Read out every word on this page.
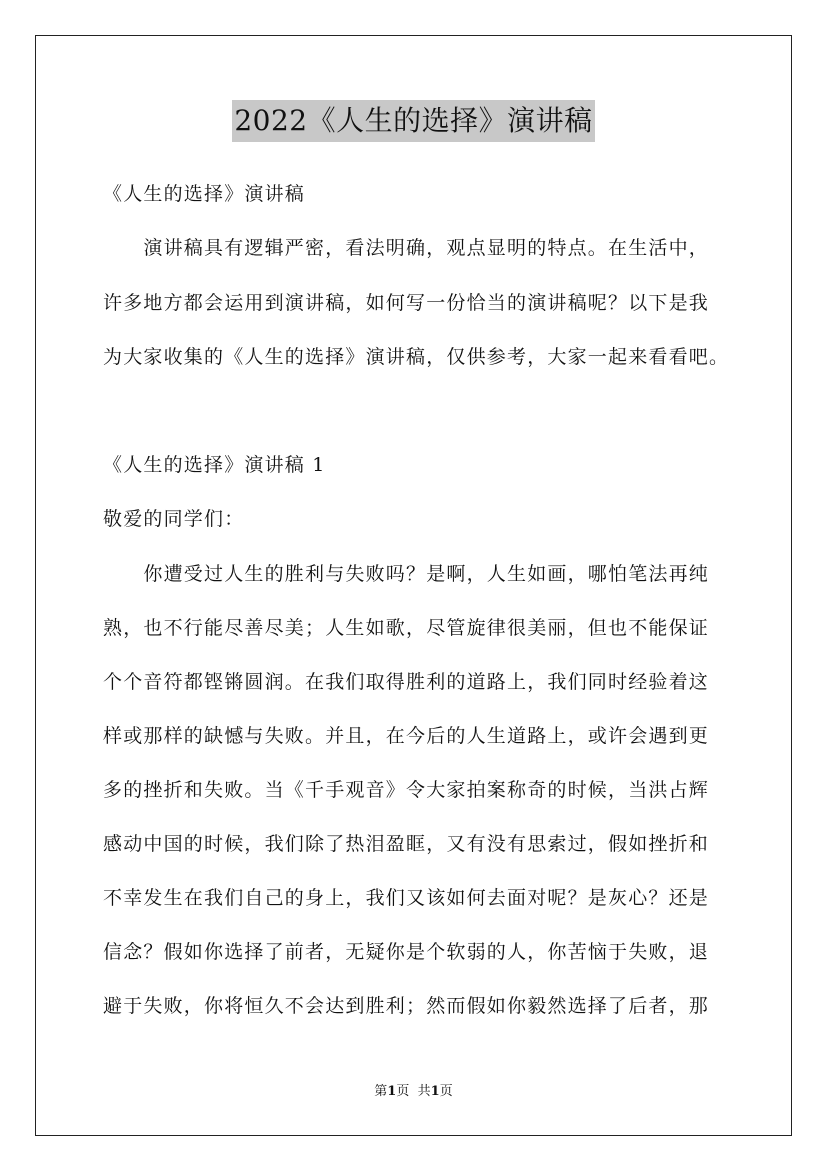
2022《人生的选择》演讲稿
《人生的选择》演讲稿
　　演讲稿具有逻辑严密，看法明确，观点显明的特点。在生活中，
许多地方都会运用到演讲稿，如何写一份恰当的演讲稿呢？以下是我
为大家收集的《人生的选择》演讲稿，仅供参考，大家一起来看看吧。
《人生的选择》演讲稿 1
敬爱的同学们：
　　你遭受过人生的胜利与失败吗？是啊，人生如画，哪怕笔法再纯
熟，也不行能尽善尽美；人生如歌，尽管旋律很美丽，但也不能保证
个个音符都铿锵圆润。在我们取得胜利的道路上，我们同时经验着这
样或那样的缺憾与失败。并且，在今后的人生道路上，或许会遇到更
多的挫折和失败。当《千手观音》令大家拍案称奇的时候，当洪占辉
感动中国的时候，我们除了热泪盈眶，又有没有思索过，假如挫折和
不幸发生在我们自己的身上，我们又该如何去面对呢？是灰心？还是
信念？假如你选择了前者，无疑你是个软弱的人，你苦恼于失败，退
避于失败，你将恒久不会达到胜利；然而假如你毅然选择了后者，那
第1页 共1页
